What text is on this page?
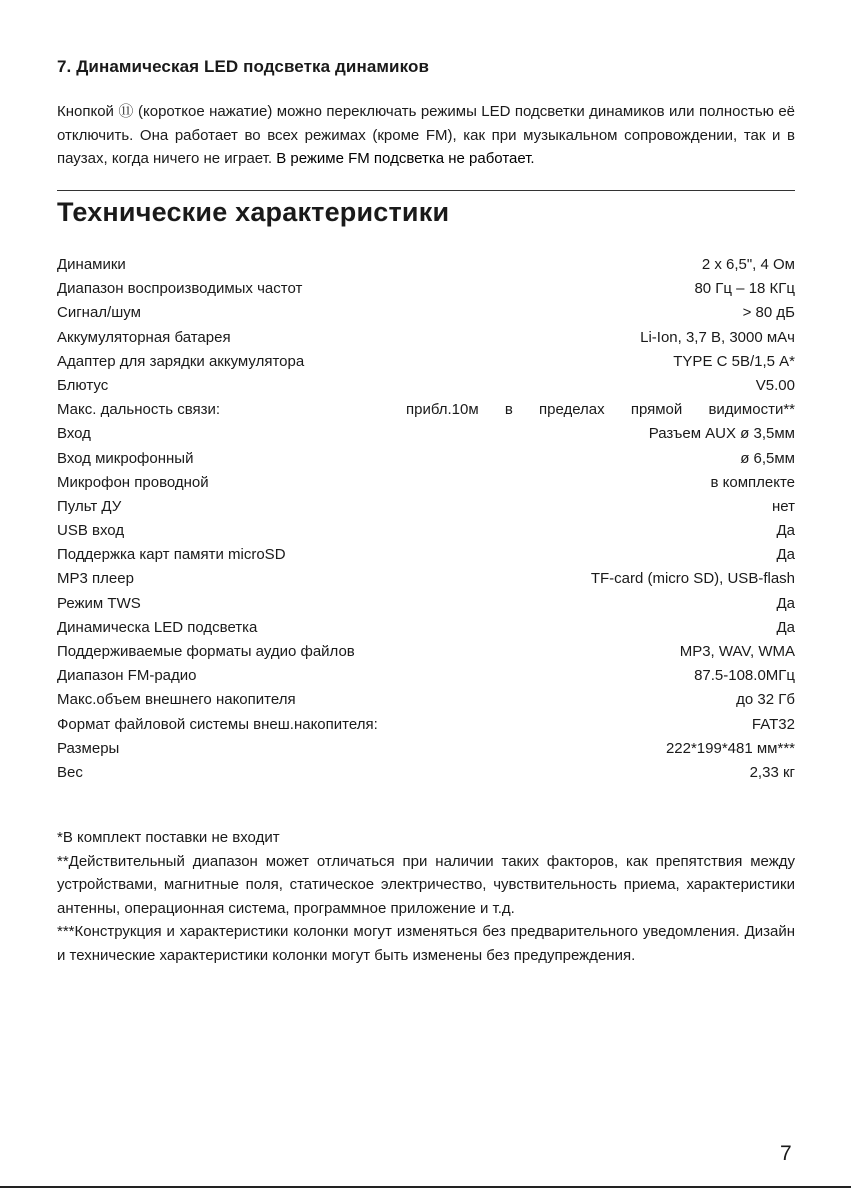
7. Динамическая LED подсветка динамиков
Кнопкой ⑪ (короткое нажатие) можно переключать режимы LED подсветки динамиков или полностью её отключить. Она работает во всех режимах (кроме FM), как при музыкальном сопровождении, так и в паузах, когда ничего не играет. В режиме FM подсветка не работает.
Технические характеристики
Динамики	2 x 6,5", 4 Ом
Диапазон воспроизводимых частот	80 Гц – 18 КГц
Сигнал/шум	> 80 дБ
Аккумуляторная батарея	Li-Ion, 3,7 В, 3000 мАч
Адаптер для зарядки аккумулятора	TYPE C 5В/1,5 А*
Блютус	V5.00
Макс. дальность связи:	прибл.10м в пределах прямой видимости**
Вход	Разъем AUX ø 3,5мм
Вход микрофонный	ø 6,5мм
Микрофон проводной	в комплекте
Пульт ДУ	нет
USB вход	Да
Поддержка карт памяти microSD	Да
MP3 плеер	TF-card (micro SD), USB-flash
Режим TWS	Да
Динамическа LED подсветка	Да
Поддерживаемые форматы аудио файлов	MP3, WAV, WMA
Диапазон FM-радио	87.5-108.0МГц
Макс.объем внешнего накопителя	до 32 Гб
Формат файловой системы внеш.накопителя:	FAT32
Размеры	222*199*481 мм***
Вес	2,33 кг

*В комплект поставки не входит

**Действительный диапазон может отличаться при наличии таких факторов, как препятствия между устройствами, магнитные поля, статическое электричество, чувствительность приема, характеристики антенны, операционная система, программное приложение и т.д.

***Конструкция и характеристики колонки могут изменяться без предварительного уведомления. Дизайн и технические характеристики колонки могут быть изменены без предупреждения.

7
